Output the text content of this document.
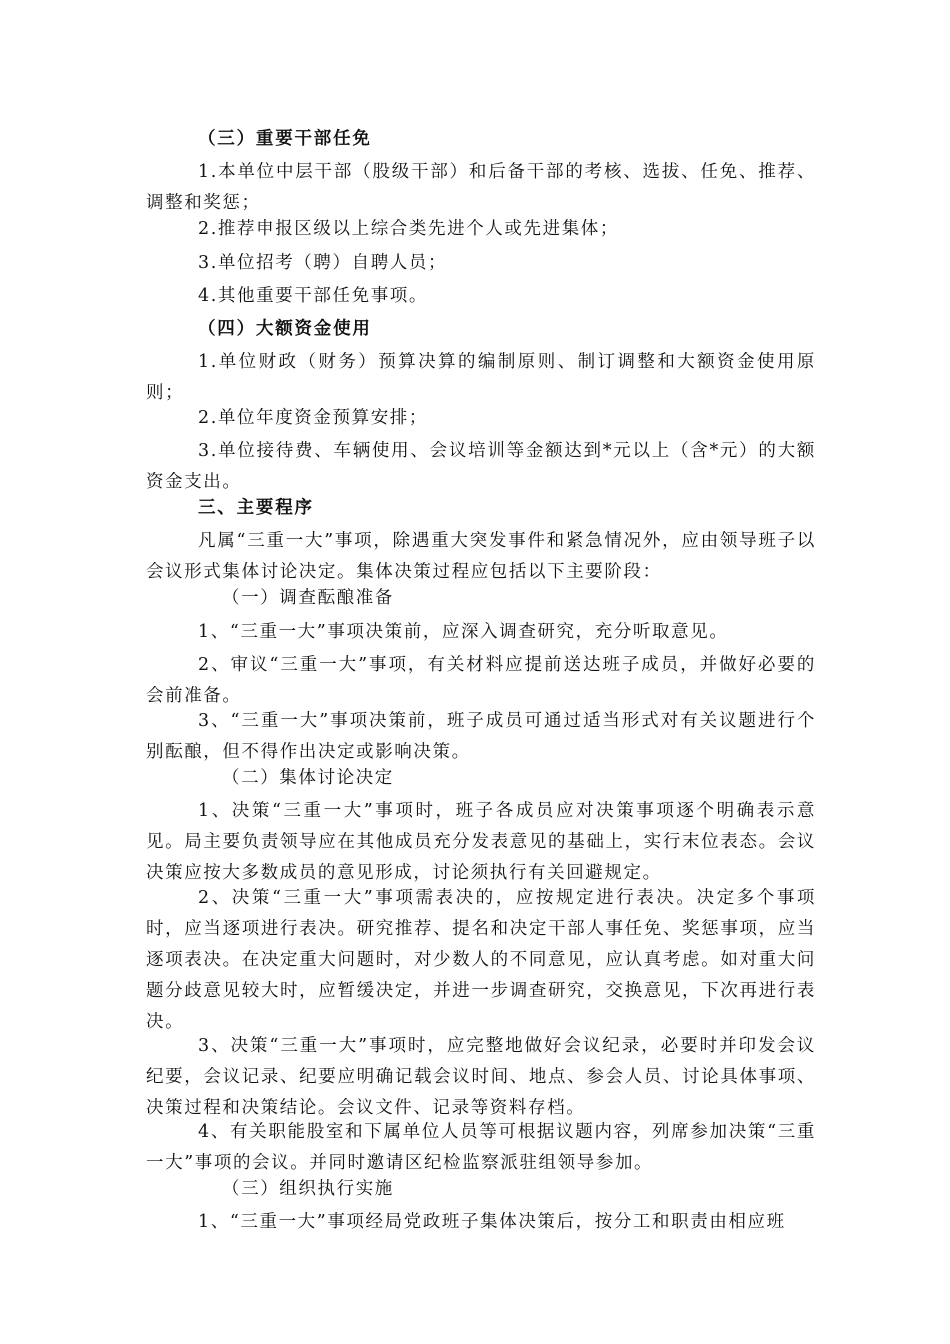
（三）重要干部任免

1.本单位中层干部（股级干部）和后备干部的考核、选拔、任免、推荐、调整和奖惩；

2.推荐申报区级以上综合类先进个人或先进集体；

3.单位招考（聘）自聘人员；

4.其他重要干部任免事项。

（四）大额资金使用

1.单位财政（财务）预算决算的编制原则、制订调整和大额资金使用原则；

2.单位年度资金预算安排；

3.单位接待费、车辆使用、会议培训等金额达到*元以上（含*元）的大额资金支出。

三、主要程序

凡属“三重一大”事项，除遇重大突发事件和紧急情况外，应由领导班子以会议形式集体讨论决定。集体决策过程应包括以下主要阶段：

（一）调查酝酿准备

1、“三重一大”事项决策前，应深入调查研究，充分听取意见。

2、审议“三重一大”事项，有关材料应提前送达班子成员，并做好必要的会前准备。

3、“三重一大”事项决策前，班子成员可通过适当形式对有关议题进行个别酝酿，但不得作出决定或影响决策。

（二）集体讨论决定

1、决策“三重一大”事项时，班子各成员应对决策事项逐个明确表示意见。局主要负责领导应在其他成员充分发表意见的基础上，实行末位表态。会议决策应按大多数成员的意见形成，讨论须执行有关回避规定。

2、决策“三重一大”事项需表决的，应按规定进行表决。决定多个事项时，应当逐项进行表决。研究推荐、提名和决定干部人事任免、奖惩事项，应当逐项表决。在决定重大问题时，对少数人的不同意见，应认真考虑。如对重大问题分歧意见较大时，应暂缓决定，并进一步调查研究，交换意见，下次再进行表决。

3、决策“三重一大”事项时，应完整地做好会议纪录，必要时并印发会议纪要，会议记录、纪要应明确记载会议时间、地点、参会人员、讨论具体事项、决策过程和决策结论。会议文件、记录等资料存档。

4、有关职能股室和下属单位人员等可根据议题内容，列席参加决策“三重一大”事项的会议。并同时邀请区纪检监察派驻组领导参加。

（三）组织执行实施

1、“三重一大”事项经局党政班子集体决策后，按分工和职责由相应班
